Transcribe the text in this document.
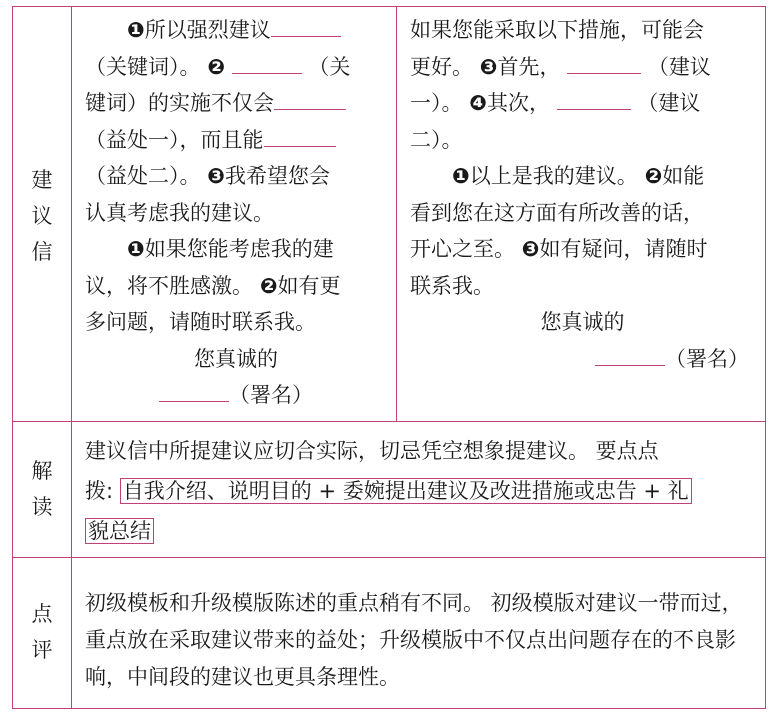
建
议
信

❶所以强烈建议
（关键词）。 ❷	（关
键词）的实施不仅会
（益处一），而且能
（益处二）。 ❸我希望您会
认真考虑我的建议。

❶如果您能考虑我的建
议，将不胜感激。 ❷如有更
多问题，请随时联系我。

您真诚的

（署名）

如果您能采取以下措施，可能会
更好。 ❸首先，	（建议
一）。 ❹其次，	（建议
二）。

❶以上是我的建议。 ❷如能
看到您在这方面有所改善的话，
开心之至。 ❸如有疑问，请随时
联系我。

您真诚的

（署名）

解
读

建议信中所提建议应切合实际，切忌凭空想象提建议。 要点点

拨: 自我介绍、说明目的 + 委婉提出建议及改进措施或忠告 + 礼

貌总结

点
评

初级模板和升级模版陈述的重点稍有不同。 初级模版对建议一带而过，重点放在采取建议带来的益处；升级模版中不仅点出问题存在的不良影响，中间段的建议也更具条理性。
